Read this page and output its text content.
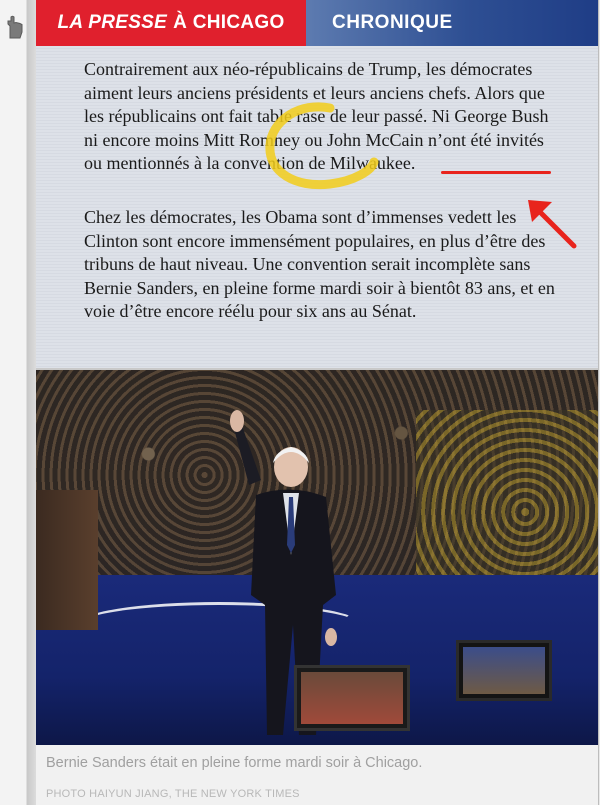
LA PRESSE À CHICAGO CHRONIQUE
Contrairement aux néo-républicains de Trump, les démocrates aiment leurs anciens présidents et leurs anciens chefs. Alors que les républicains ont fait table rase de leur passé. Ni George Bush ni encore moins Mitt Romney ou John McCain n’ont été invités ou mentionnés à la convention de Milwaukee.
Chez les démocrates, les Obama sont d’immenses vedett les Clinton sont encore immensément populaires, en plus d’être des tribuns de haut niveau. Une convention serait incomplète sans Bernie Sanders, en pleine forme mardi soir à bientôt 83 ans, et en voie d’être encore réélu pour six ans au Sénat.
Bernie Sanders était en pleine forme mardi soir à Chicago.
PHOTO HAIYUN JIANG, THE NEW YORK TIMES
